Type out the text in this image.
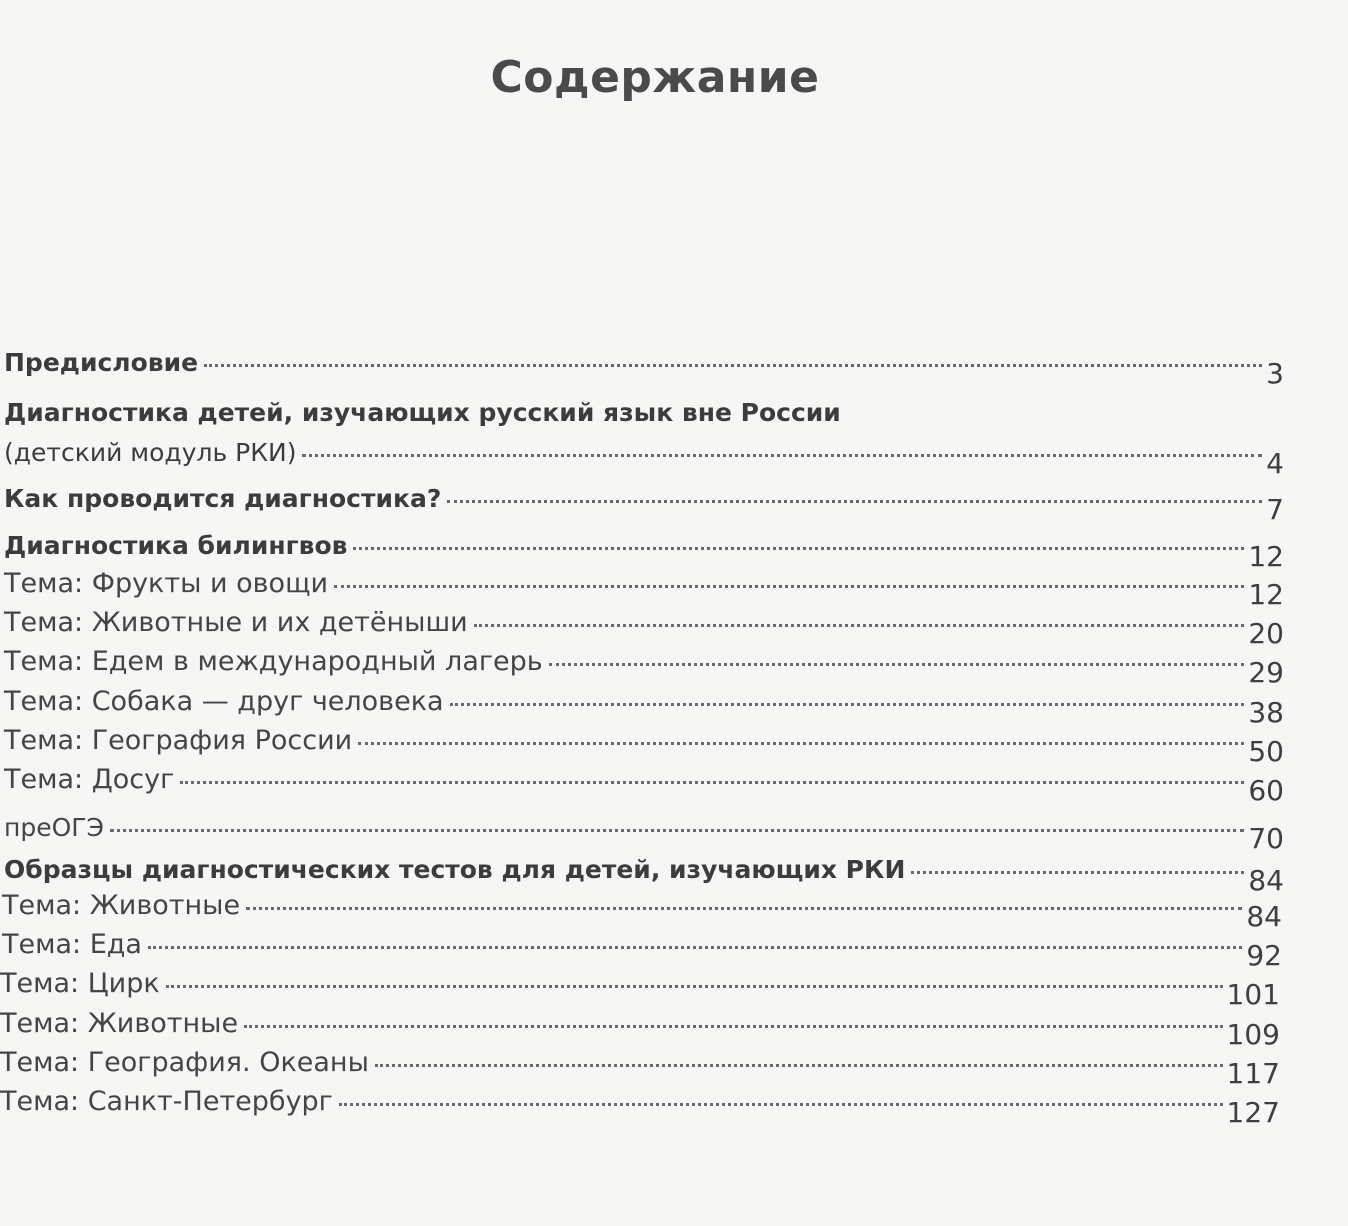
Содержание
Предисловие	3
Диагностика детей, изучающих русский язык вне России
(детский модуль РКИ)	4
Как проводится диагностика?	7
Диагностика билингвов	12
Тема: Фрукты и овощи	12
Тема: Животные и их детёныши	20
Тема: Едем в международный лагерь	29
Тема: Собака — друг человека	38
Тема: География России	50
Тема: Досуг	60
преОГЭ	70
Образцы диагностических тестов для детей, изучающих РКИ	84
Тема: Животные	84
Тема: Еда	92
Тема: Цирк	101
Тема: Животные	109
Тема: География. Океаны	117
Тема: Санкт-Петербург	127
